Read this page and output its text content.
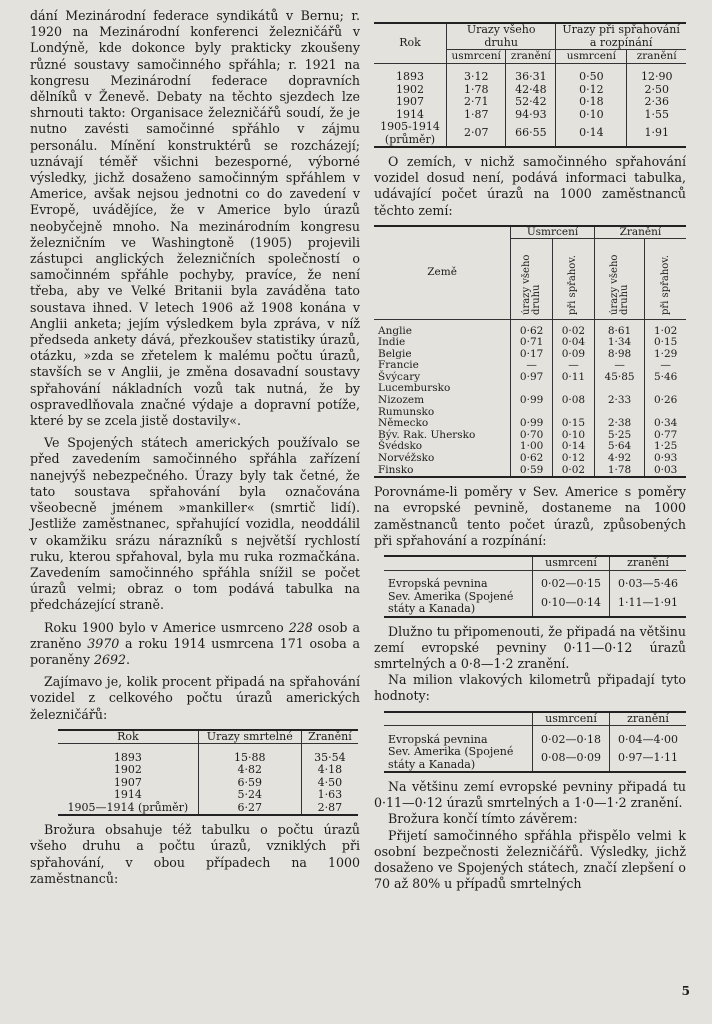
dání Mezinárodní federace syndikátů v Bernu; r. 1920 na Mezinárodní konferenci železničářů v Londýně, kde dokonce byly prakticky zkoušeny různé soustavy samočinného spřáhla; r. 1921 na kongresu Mezinárodní federace dopravních dělníků v Ženevě. Debaty na těchto sjezdech lze shrnouti takto: Organisace železničářů soudí, že je nutno zavésti samočinné spřáhlo v zájmu personálu. Mínění konstruktérů se rozcházejí; uznávají téměř všichni bezesporné, výborné výsledky, jichž dosaženo samočinným spřáhlem v Americe, avšak nejsou jednotni co do zavedení v Evropě, uvádějíce, že v Americe bylo úrazů neobyčejně mnoho. Na mezinárodním kongresu železničním ve Washingtoně (1905) projevili zástupci anglických železničních společností o samočinném spřáhle pochyby, pravíce, že není třeba, aby ve Velké Britanii byla zaváděna tato soustava ihned. V letech 1906 až 1908 konána v Anglii anketa; jejím výsledkem byla zpráva, v níž předseda ankety dává, přezkoušev statistiky úrazů, otázku, »zda se zřetelem k malému počtu úrazů, stavších se v Anglii, je změna dosavadní soustavy spřahování nákladních vozů tak nutná, že by ospravedlňovala značné výdaje a dopravní potíže, které by se zcela jistě dostavily«.

Ve Spojených státech amerických používalo se před zavedením samočinného spřáhla zařízení nanejvýš nebezpečného. Úrazy byly tak četné, že tato soustava spřahování byla označována všeobecně jménem »mankiller« (smrtič lidí). Jestliže zaměstnanec, spřahující vozidla, neoddálil v okamžiku srázu nárazníků s největší rychlostí ruku, kterou spřahoval, byla mu ruka rozmačkána. Zavedením samočinného spřáhla snížil se počet úrazů velmi; obraz o tom podává tabulka na předcházející straně.

Roku 1900 bylo v Americe usmrceno 228 osob a zraněno 3970 a roku 1914 usmrcena 171 osoba a poraněny 2692.

Zajímavo je, kolik procent připadá na spřahování vozidel z celkového počtu úrazů amerických železničářů:

Rok	Úrazy smrtelné	Zranění

1893	15·88	35·54
1902	4·82	4·18
1907	6·59	4·50
1914	5·24	1·63
1905—1914 (průměr)	6·27	2·87

Brožura obsahuje též tabulku o počtu úrazů všeho druhu a počtu úrazů, vzniklých při spřahování, v obou případech na 1000 zaměstnanců:

Rok	Úrazy všeho druhu		Úrazy při spřahování a rozpínání	
	usmrcení	zranění	usmrcení	zranění

1893	3·12	36·31	0·50	12·90
1902	1·78	42·48	0·12	2·50
1907	2·71	52·42	0·18	2·36
1914	1·87	94·93	0·10	1·55
1905-1914 (průměr)	2·07	66·55	0·14	1·91

O zemích, v nichž samočinného spřahování vozidel dosud není, podává informaci tabulka, udávající počet úrazů na 1000 zaměstnanců těchto zemí:

Země	Usmrcení		Zranění	
	úrazy všeho druhu	při spřahov.	úrazy všeho druhu	při spřahov.

Anglie	0·62	0·02	8·61	1·02
Indie	0·71	0·04	1·34	0·15
Belgie	0·17	0·09	8·98	1·29
Francie	—	—	—	—
Švýcary	0·97	0·11	45·85	5·46
Lucembursko				
Nizozem	0·99	0·08	2·33	0·26
Rumunsko				
Německo	0·99	0·15	2·38	0·34
Býv. Rak. Uhersko	0·70	0·10	5·25	0·77
Švédsko	1·00	0·14	5·64	1·25
Norvéžsko	0·62	0·12	4·92	0·93
Finsko	0·59	0·02	1·78	0·03

Porovnáme-li poměry v Sev. Americe s poměry na evropské pevnině, dostaneme na 1000 zaměstnanců tento počet úrazů, způsobených při spřahování a rozpínání:

	usmrcení	zranění

Evropská pevnina	0·02—0·15	0·03—5·46
Sev. Amerika (Spojené státy a Kanada)	0·10—0·14	1·11—1·91

Dlužno tu připomenouti, že připadá na většinu zemí evropské pevniny 0·11—0·12 úrazů smrtelných a 0·8—1·2 zranění.

Na milion vlakových kilometrů připadají tyto hodnoty:

	usmrcení	zranění

Evropská pevnina	0·02—0·18	0·04—4·00
Sev. Amerika (Spojené státy a Kanada)	0·08—0·09	0·97—1·11

Na většinu zemí evropské pevniny připadá tu 0·11—0·12 úrazů smrtelných a 1·0—1·2 zranění.

Brožura končí tímto závěrem:

Přijetí samočinného spřáhla přispělo velmi k osobní bezpečnosti železničářů. Výsledky, jichž dosaženo ve Spojených státech, značí zlepšení o 70 až 80% u případů smrtelných

5
